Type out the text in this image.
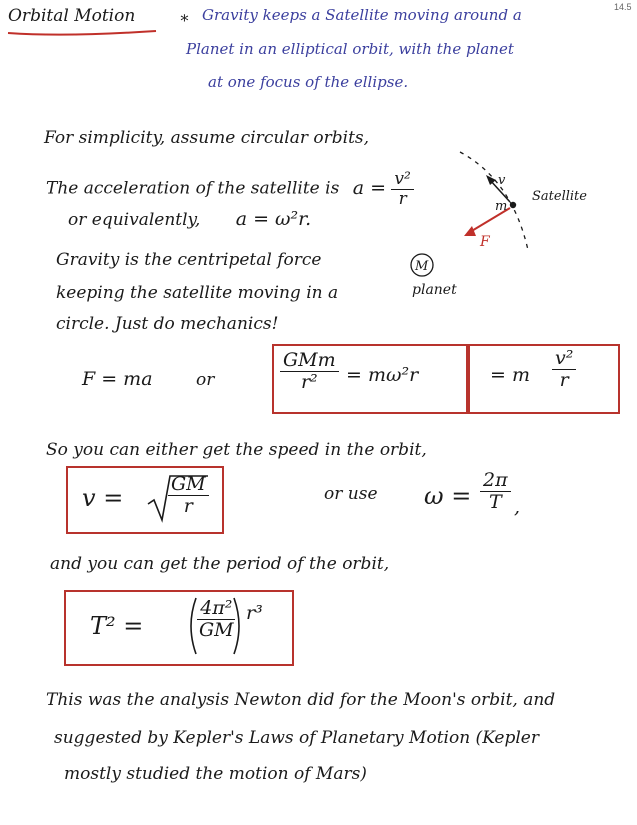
Orbital Motion	∗
14.5
Gravity keeps a Satellite moving around a
Planet in an elliptical orbit, with the planet
at one focus of the ellipse.
For simplicity, assume circular orbits,
The acceleration of the satellite is $a = \frac{\text{v²}}{r}$
or equivalently, a = ω²r.
Gravity is the centripetal force
keeping the satellite moving in a
circle. Just do mechanics!
v
m
Satellite
F
M
planet
F = ma	or	$\frac{\text{GMm}}{\text{r²}} = m\omega^2r$	= m $\frac{\text{v²}}{r}$
So you can either get the speed in the orbit,
$v = \frac{GM}{r}$	or use $\omega = \frac{2\pi}{T}$ ,
and you can get the period of the orbit,
T² =	$\frac{\text{4π²}}{GM} r^3$
This was the analysis Newton did for the Moon's orbit, and
suggested by Kepler's Laws of Planetary Motion (Kepler
mostly studied the motion of Mars)
